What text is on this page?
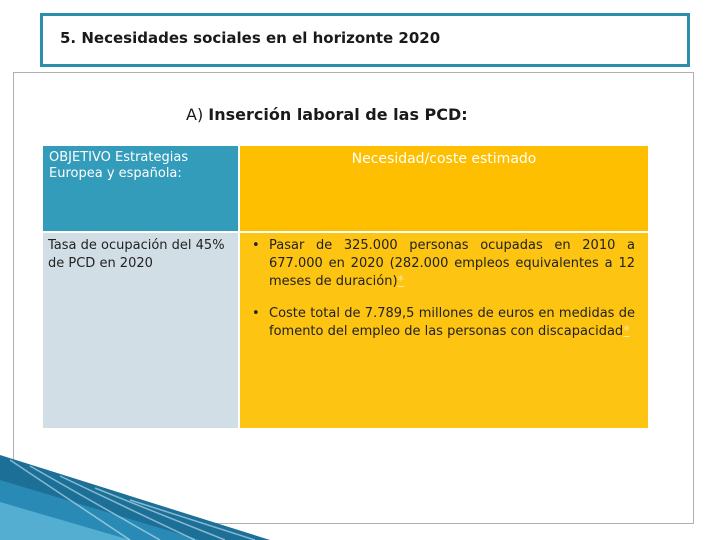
5. Necesidades sociales en el horizonte 2020

A) Inserción laboral de las PCD:

OBJETIVO Estrategias Europea y española:
Necesidad/coste estimado
Tasa de ocupación del 45% de PCD en 2020
• Pasar de 325.000 personas ocupadas en 2010 a 677.000 en 2020 (282.000 empleos equivalentes a 12 meses de duración)*
• Coste total de 7.789,5 millones de euros en medidas de fomento del empleo de las personas con discapacidad*
